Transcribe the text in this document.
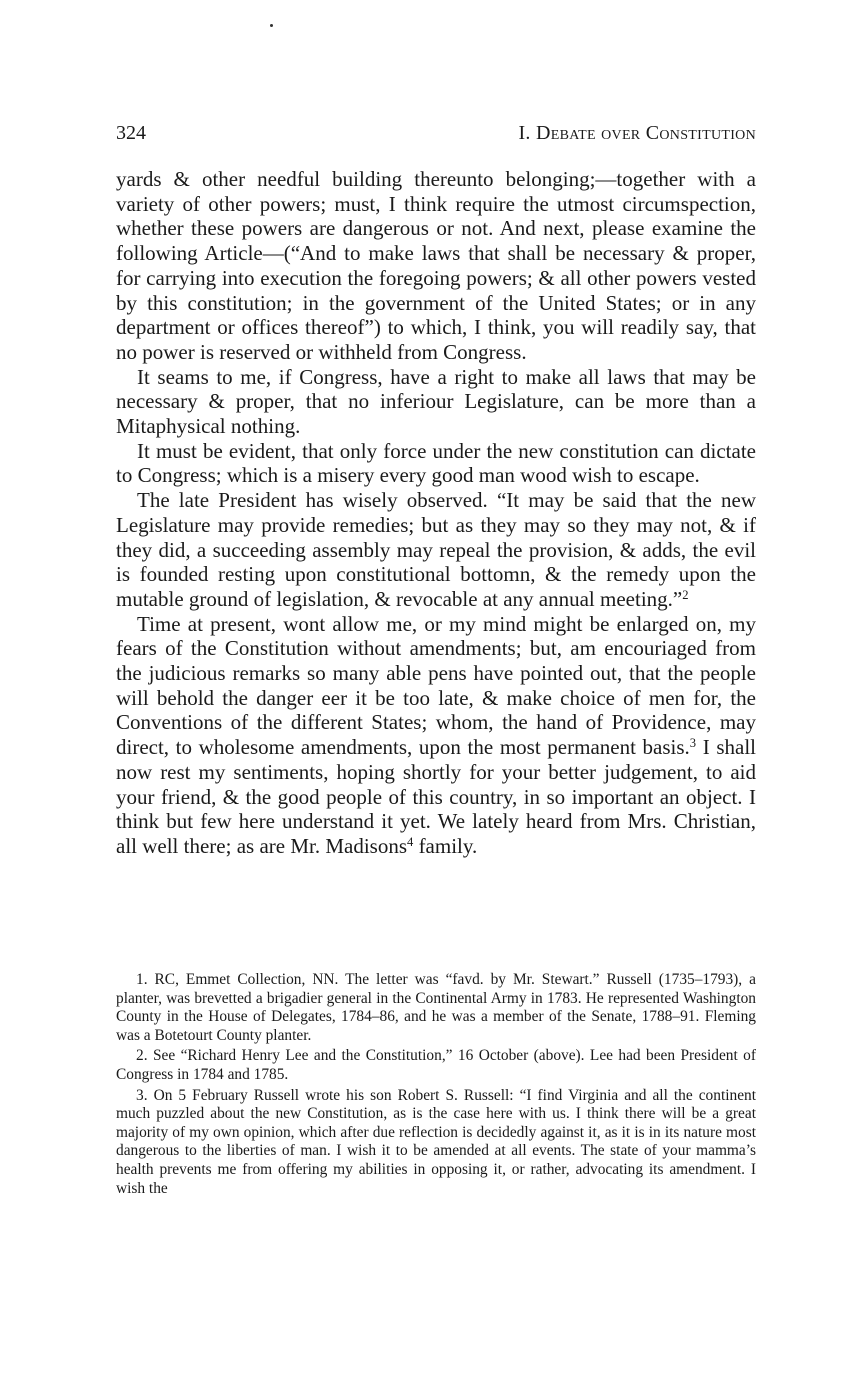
324	I. Debate over Constitution

yards & other needful building thereunto belonging;—together with a variety of other powers; must, I think require the utmost circumspection, whether these powers are dangerous or not. And next, please examine the following Article—(“And to make laws that shall be necessary & proper, for carrying into execution the foregoing powers; & all other powers vested by this constitution; in the government of the United States; or in any department or offices thereof”) to which, I think, you will readily say, that no power is reserved or withheld from Congress.

It seams to me, if Congress, have a right to make all laws that may be necessary & proper, that no inferiour Legislature, can be more than a Mitaphysical nothing.

It must be evident, that only force under the new constitution can dictate to Congress; which is a misery every good man wood wish to escape.

The late President has wisely observed. “It may be said that the new Legislature may provide remedies; but as they may so they may not, & if they did, a succeeding assembly may repeal the provision, & adds, the evil is founded resting upon constitutional bottomn, & the remedy upon the mutable ground of legislation, & revocable at any annual meeting.”$^2$

Time at present, wont allow me, or my mind might be enlarged on, my fears of the Constitution without amendments; but, am encouriaged from the judicious remarks so many able pens have pointed out, that the people will behold the danger eer it be too late, & make choice of men for, the Conventions of the different States; whom, the hand of Providence, may direct, to wholesome amendments, upon the most permanent basis.$^3$ I shall now rest my sentiments, hoping shortly for your better judgement, to aid your friend, & the good people of this country, in so important an object. I think but few here understand it yet. We lately heard from Mrs. Christian, all well there; as are Mr. Madisons$^4$ family.

1. RC, Emmet Collection, NN. The letter was “favd. by Mr. Stewart.” Russell (1735–1793), a planter, was brevetted a brigadier general in the Continental Army in 1783. He represented Washington County in the House of Delegates, 1784–86, and he was a member of the Senate, 1788–91. Fleming was a Botetourt County planter.

2. See “Richard Henry Lee and the Constitution,” 16 October (above). Lee had been President of Congress in 1784 and 1785.

3. On 5 February Russell wrote his son Robert S. Russell: “I find Virginia and all the continent much puzzled about the new Constitution, as is the case here with us. I think there will be a great majority of my own opinion, which after due reflection is decidedly against it, as it is in its nature most dangerous to the liberties of man. I wish it to be amended at all events. The state of your mamma’s health prevents me from offering my abilities in opposing it, or rather, advocating its amendment. I wish the
